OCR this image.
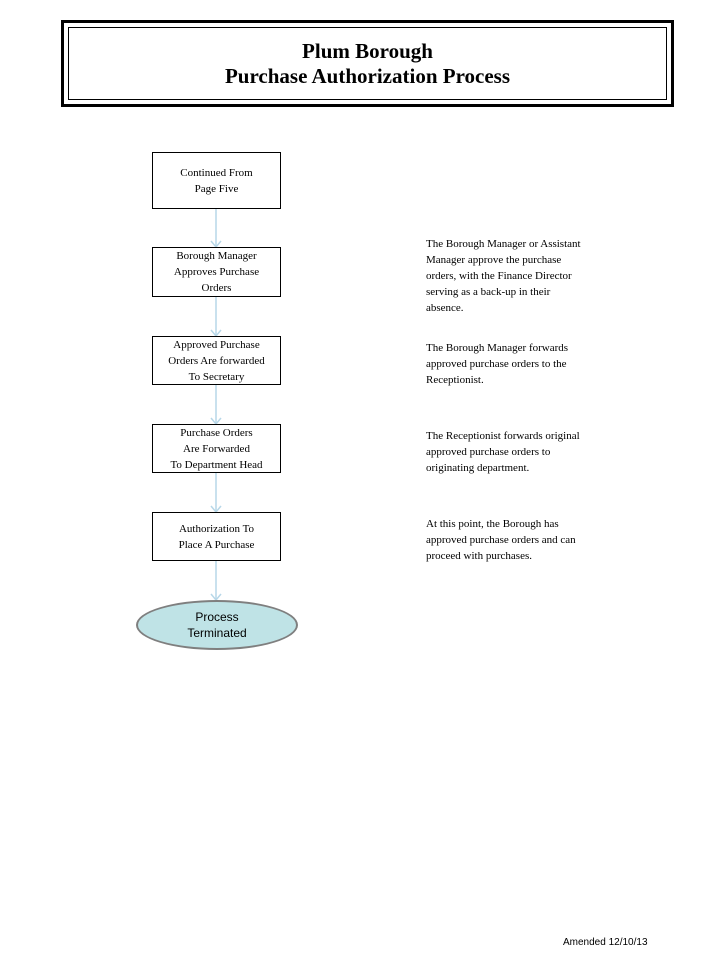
Plum Borough
Purchase Authorization Process
Continued From
Page Five
Borough Manager
Approves Purchase
Orders
Approved Purchase
Orders Are forwarded
To Secretary
Purchase Orders
Are Forwarded
To Department Head
Authorization To
Place A Purchase
Process
Terminated
The Borough Manager or Assistant
Manager approve the purchase
orders, with the Finance Director
serving as a back-up in their
absence.
The Borough Manager forwards
approved purchase orders to the
Receptionist.
The Receptionist forwards original
approved purchase orders to
originating department.
At this point, the Borough has
approved purchase orders and can
proceed with purchases.
Amended 12/10/13
